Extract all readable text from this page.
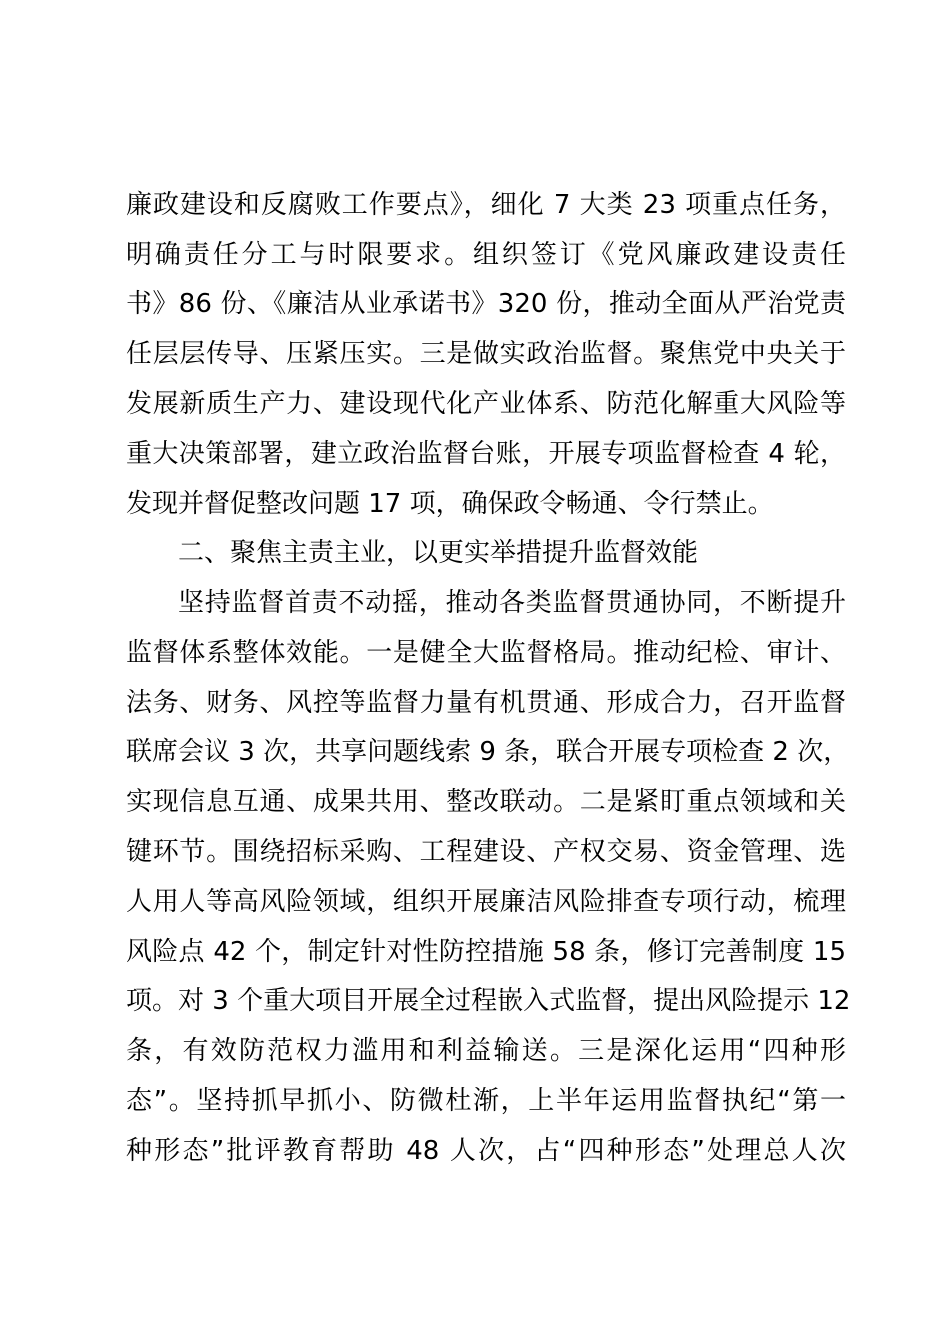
廉政建设和反腐败工作要点》，细化 7 大类 23 项重点任务，
明确责任分工与时限要求。组织签订《党风廉政建设责任
书》86 份、《廉洁从业承诺书》320 份，推动全面从严治党责
任层层传导、压紧压实。三是做实政治监督。聚焦党中央关于
发展新质生产力、建设现代化产业体系、防范化解重大风险等
重大决策部署，建立政治监督台账，开展专项监督检查 4 轮，
发现并督促整改问题 17 项，确保政令畅通、令行禁止。
二、聚焦主责主业，以更实举措提升监督效能
坚持监督首责不动摇，推动各类监督贯通协同，不断提升
监督体系整体效能。一是健全大监督格局。推动纪检、审计、
法务、财务、风控等监督力量有机贯通、形成合力，召开监督
联席会议 3 次，共享问题线索 9 条，联合开展专项检查 2 次，
实现信息互通、成果共用、整改联动。二是紧盯重点领域和关
键环节。围绕招标采购、工程建设、产权交易、资金管理、选
人用人等高风险领域，组织开展廉洁风险排查专项行动，梳理
风险点 42 个，制定针对性防控措施 58 条，修订完善制度 15
项。对 3 个重大项目开展全过程嵌入式监督，提出风险提示 12
条，有效防范权力滥用和利益输送。三是深化运用“四种形
态”。坚持抓早抓小、防微杜渐，上半年运用监督执纪“第一
种形态”批评教育帮助 48 人次，占“四种形态”处理总人次
